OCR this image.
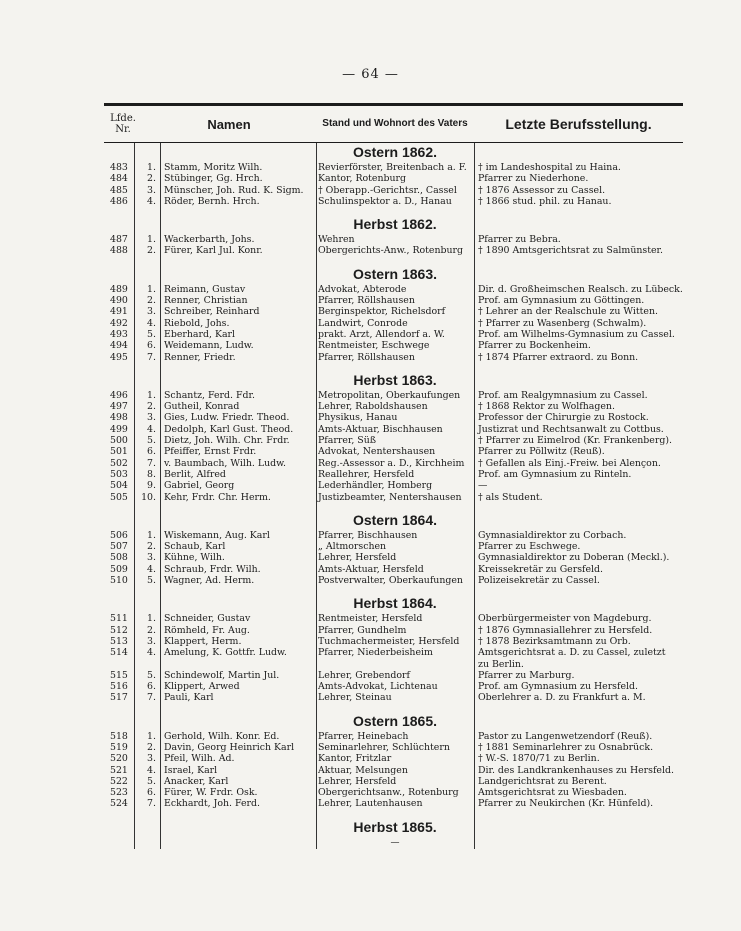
— 64 —
Lfde. Nr.	Namen	Stand und Wohnort des Vaters	Letzte Berufsstellung.
Ostern 1862.
483	1. Stamm, Moritz Wilh.	Revierförster, Breitenbach a. F.	† im Landeshospital zu Haina.
484	2. Stübinger, Gg. Hrch.	Kantor, Rotenburg	Pfarrer zu Niederhone.
485	3. Münscher, Joh. Rud. K. Sigm.	† Oberapp.-Gerichtsr., Cassel	† 1876 Assessor zu Cassel.
486	4. Röder, Bernh. Hrch.	Schulinspektor a. D., Hanau	† 1866 stud. phil. zu Hanau.
Herbst 1862.
487	1. Wackerbarth, Johs.	Wehren	Pfarrer zu Bebra.
488	2. Fürer, Karl Jul. Konr.	Obergerichts-Anw., Rotenburg	† 1890 Amtsgerichtsrat zu Salmünster.
Ostern 1863.
489	1. Reimann, Gustav	Advokat, Abterode	Dir. d. Großheimschen Realsch. zu Lübeck.
490	2. Renner, Christian	Pfarrer, Röllshausen	Prof. am Gymnasium zu Göttingen.
491	3. Schreiber, Reinhard	Berginspektor, Richelsdorf	† Lehrer an der Realschule zu Witten.
492	4. Riebold, Johs.	Landwirt, Conrode	† Pfarrer zu Wasenberg (Schwalm).
493	5. Eberhard, Karl	prakt. Arzt, Allendorf a. W.	Prof. am Wilhelms-Gymnasium zu Cassel.
494	6. Weidemann, Ludw.	Rentmeister, Eschwege	Pfarrer zu Bockenheim.
495	7. Renner, Friedr.	Pfarrer, Röllshausen	† 1874 Pfarrer extraord. zu Bonn.
Herbst 1863.
496	1. Schantz, Ferd. Fdr.	Metropolitan, Oberkaufungen	Prof. am Realgymnasium zu Cassel.
497	2. Gutheil, Konrad	Lehrer, Raboldshausen	† 1868 Rektor zu Wolfhagen.
498	3. Gies, Ludw. Friedr. Theod.	Physikus, Hanau	Professor der Chirurgie zu Rostock.
499	4. Dedolph, Karl Gust. Theod.	Amts-Aktuar, Bischhausen	Justizrat und Rechtsanwalt zu Cottbus.
500	5. Dietz, Joh. Wilh. Chr. Frdr.	Pfarrer, Süß	† Pfarrer zu Eimelrod (Kr. Frankenberg).
501	6. Pfeiffer, Ernst Frdr.	Advokat, Nentershausen	Pfarrer zu Pöllwitz (Reuß).
502	7. v. Baumbach, Wilh. Ludw.	Reg.-Assessor a. D., Kirchheim	† Gefallen als Einj.-Freiw. bei Alençon.
503	8. Berlit, Alfred	Reallehrer, Hersfeld	Prof. am Gymnasium zu Rinteln.
504	9. Gabriel, Georg	Lederhändler, Homberg	—
505	10. Kehr, Frdr. Chr. Herm.	Justizbeamter, Nentershausen	† als Student.
Ostern 1864.
506	1. Wiskemann, Aug. Karl	Pfarrer, Bischhausen	Gymnasialdirektor zu Corbach.
507	2. Schaub, Karl	„ Altmorschen	Pfarrer zu Eschwege.
508	3. Kühne, Wilh.	Lehrer, Hersfeld	Gymnasialdirektor zu Doberan (Meckl.).
509	4. Schraub, Frdr. Wilh.	Amts-Aktuar, Hersfeld	Kreissekretär zu Gersfeld.
510	5. Wagner, Ad. Herm.	Postverwalter, Oberkaufungen	Polizeisekretär zu Cassel.
Herbst 1864.
511	1. Schneider, Gustav	Rentmeister, Hersfeld	Oberbürgermeister von Magdeburg.
512	2. Römheld, Fr. Aug.	Pfarrer, Gundhelm	† 1876 Gymnasiallehrer zu Hersfeld.
513	3. Klappert, Herm.	Tuchmachermeister, Hersfeld	† 1878 Bezirksamtmann zu Orb.
514	4. Amelung, K. Gottfr. Ludw.	Pfarrer, Niederbeisheim	Amtsgerichtsrat a. D. zu Cassel, zuletzt
zu Berlin.
515	5. Schindewolf, Martin Jul.	Lehrer, Grebendorf	Pfarrer zu Marburg.
516	6. Klippert, Arwed	Amts-Advokat, Lichtenau	Prof. am Gymnasium zu Hersfeld.
517	7. Pauli, Karl	Lehrer, Steinau	Oberlehrer a. D. zu Frankfurt a. M.
Ostern 1865.
518	1. Gerhold, Wilh. Konr. Ed.	Pfarrer, Heinebach	Pastor zu Langenwetzendorf (Reuß).
519	2. Davin, Georg Heinrich Karl	Seminarlehrer, Schlüchtern	† 1881 Seminarlehrer zu Osnabrück.
520	3. Pfeil, Wilh. Ad.	Kantor, Fritzlar	† W.-S. 1870/71 zu Berlin.
521	4. Israel, Karl	Aktuar, Melsungen	Dir. des Landkrankenhauses zu Hersfeld.
522	5. Anacker, Karl	Lehrer, Hersfeld	Landgerichtsrat zu Berent.
523	6. Fürer, W. Frdr. Osk.	Obergerichtsanw., Rotenburg	Amtsgerichtsrat zu Wiesbaden.
524	7. Eckhardt, Joh. Ferd.	Lehrer, Lautenhausen	Pfarrer zu Neukirchen (Kr. Hünfeld).
Herbst 1865.
—
